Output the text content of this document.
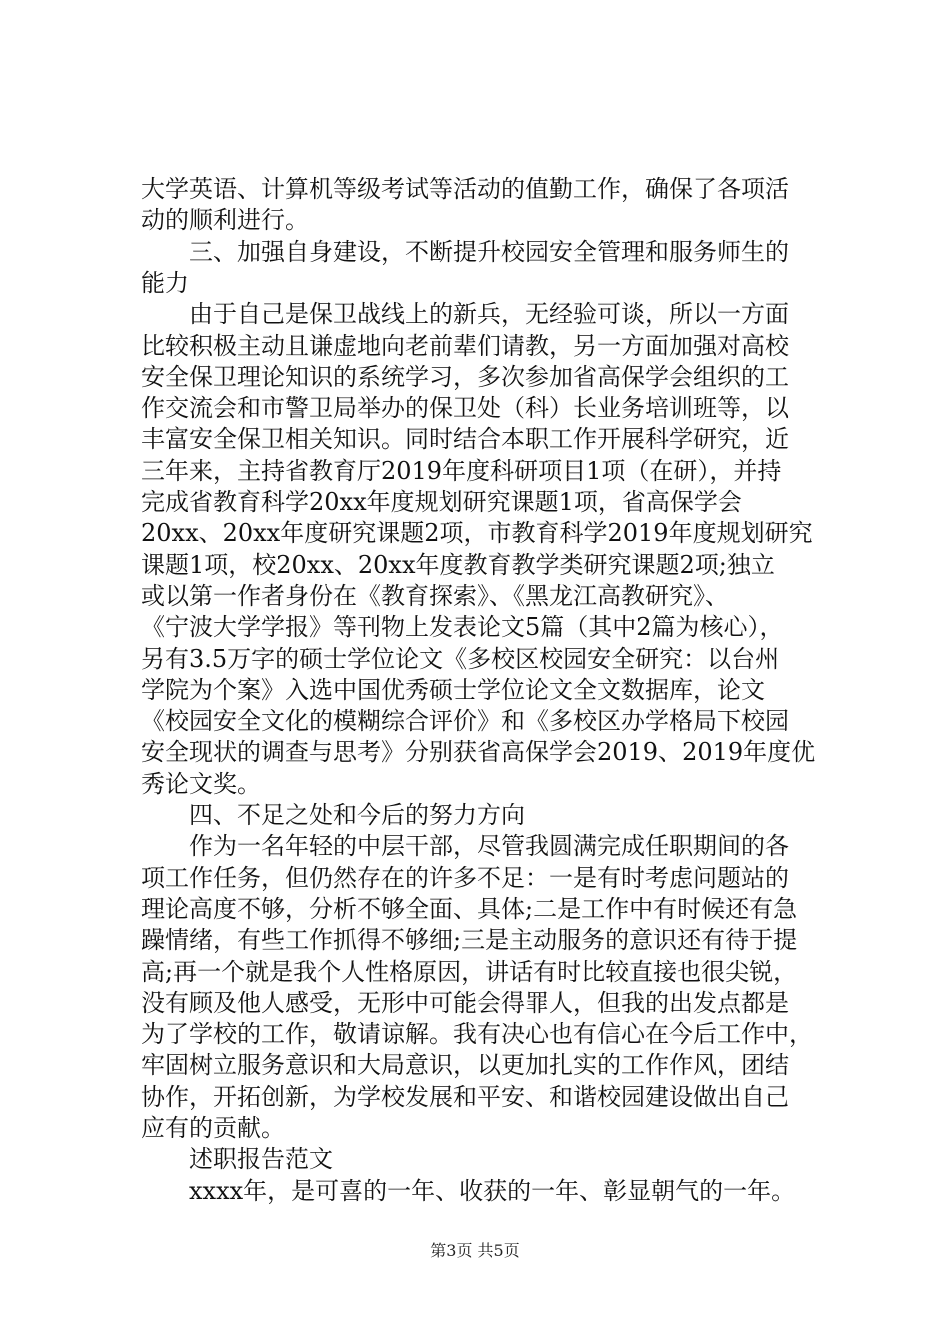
大学英语、计算机等级考试等活动的值勤工作，确保了各项活
动的顺利进行。
三、加强自身建设，不断提升校园安全管理和服务师生的
能力
由于自己是保卫战线上的新兵，无经验可谈，所以一方面
比较积极主动且谦虚地向老前辈们请教，另一方面加强对高校
安全保卫理论知识的系统学习，多次参加省高保学会组织的工
作交流会和市警卫局举办的保卫处（科）长业务培训班等，以
丰富安全保卫相关知识。同时结合本职工作开展科学研究，近
三年来，主持省教育厅2019年度科研项目1项（在研），并持
完成省教育科学20xx年度规划研究课题1项，省高保学会
20xx、20xx年度研究课题2项，市教育科学2019年度规划研究
课题1项，校20xx、20xx年度教育教学类研究课题2项;独立
或以第一作者身份在《教育探索》、《黑龙江高教研究》、
《宁波大学学报》等刊物上发表论文5篇（其中2篇为核心），
另有3.5万字的硕士学位论文《多校区校园安全研究：以台州
学院为个案》入选中国优秀硕士学位论文全文数据库，论文
《校园安全文化的模糊综合评价》和《多校区办学格局下校园
安全现状的调查与思考》分别获省高保学会2019、2019年度优
秀论文奖。
四、不足之处和今后的努力方向
作为一名年轻的中层干部，尽管我圆满完成任职期间的各
项工作任务，但仍然存在的许多不足：一是有时考虑问题站的
理论高度不够，分析不够全面、具体;二是工作中有时候还有急
躁情绪，有些工作抓得不够细;三是主动服务的意识还有待于提
高;再一个就是我个人性格原因，讲话有时比较直接也很尖锐，
没有顾及他人感受，无形中可能会得罪人，但我的出发点都是
为了学校的工作，敬请谅解。我有决心也有信心在今后工作中，
牢固树立服务意识和大局意识，以更加扎实的工作作风，团结
协作，开拓创新，为学校发展和平安、和谐校园建设做出自己
应有的贡献。
述职报告范文
xxxx年，是可喜的一年、收获的一年、彰显朝气的一年。
第3页 共5页
